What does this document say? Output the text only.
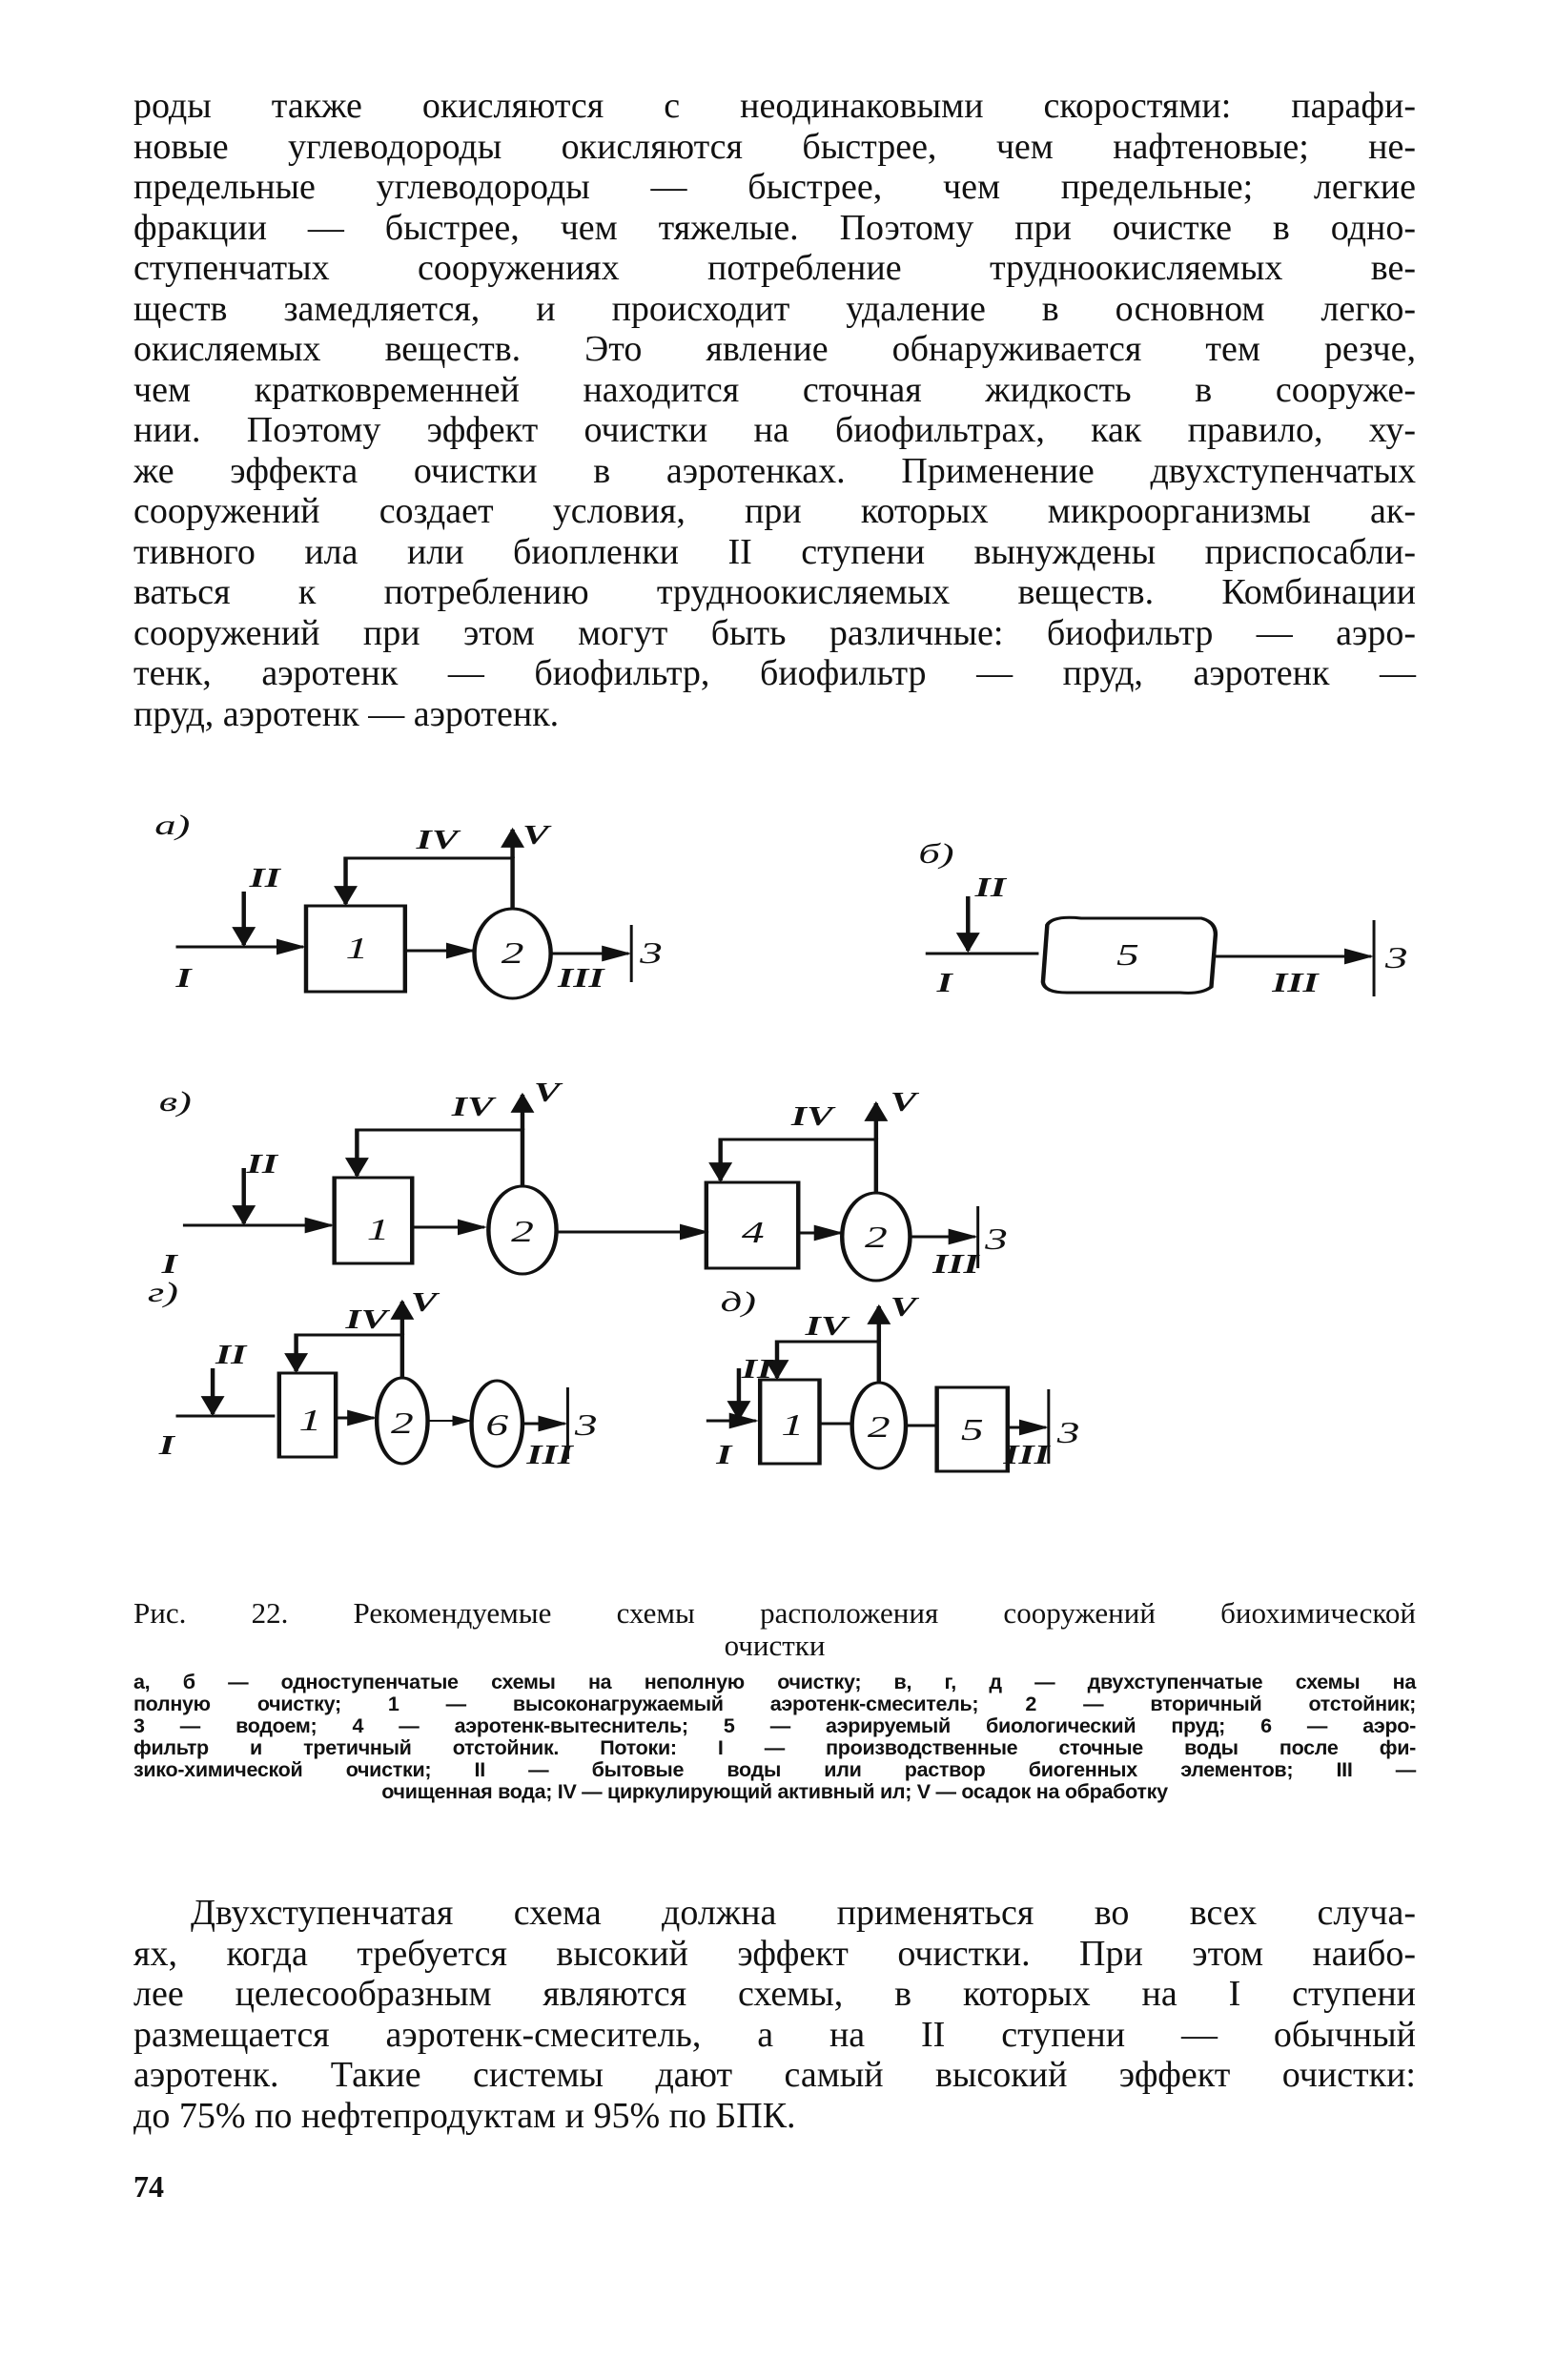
роды также окисляются с неодинаковыми скоростями: парафи-
новые углеводороды окисляются быстрее, чем нафтеновые; не-
предельные углеводороды — быстрее, чем предельные; легкие
фракции — быстрее, чем тяжелые. Поэтому при очистке в одно-
ступенчатых сооружениях потребление трудноокисляемых ве-
ществ замедляется, и происходит удаление в основном легко-
окисляемых веществ. Это явление обнаруживается тем резче,
чем кратковременней находится сточная жидкость в сооруже-
нии. Поэтому эффект очистки на биофильтрах, как правило, ху-
же эффекта очистки в аэротенках. Применение двухступенчатых
сооружений создает условия, при которых микроорганизмы ак-
тивного ила или биопленки II ступени вынуждены приспосабли-
ваться к потреблению трудноокисляемых веществ. Комбинации
сооружений при этом могут быть различные: биофильтр — аэро-
тенк, аэротенк — биофильтр, биофильтр — пруд, аэротенк —
пруд, аэротенк — аэротенк.

а)
II
I
1	2
III
3
IV V
б)
II
I
5
III
3
в)
II
I
1	2	4	2
III
3
IV V
IV V
г)
II
I
1 2 6
III
3
IV
V	д)
II
I
1 2 5
III
3
IV
V
Рис. 22. Рекомендуемые схемы расположения сооружений биохимической
очистки
а, б — одноступенчатые схемы на неполную очистку; в, г, д — двухступенчатые схемы на
полную очистку; 1 — высоконагружаемый аэротенк-смеситель; 2 — вторичный отстойник;
3 — водоем; 4 — аэротенк-вытеснитель; 5 — аэрируемый биологический пруд; 6 — аэро-
фильтр и третичный отстойник. Потоки: I — производственные сточные воды после фи-
зико-химической очистки; II — бытовые воды или раствор биогенных элементов; III —
очищенная вода; IV — циркулирующий активный ил; V — осадок на обработку

Двухступенчатая схема должна применяться во всех случа-
ях, когда требуется высокий эффект очистки. При этом наибо-
лее целесообразным являются схемы, в которых на I ступени
размещается аэротенк-смеситель, а на II ступени — обычный
аэротенк. Такие системы дают самый высокий эффект очистки:
до 75% по нефтепродуктам и 95% по БПК.

74
